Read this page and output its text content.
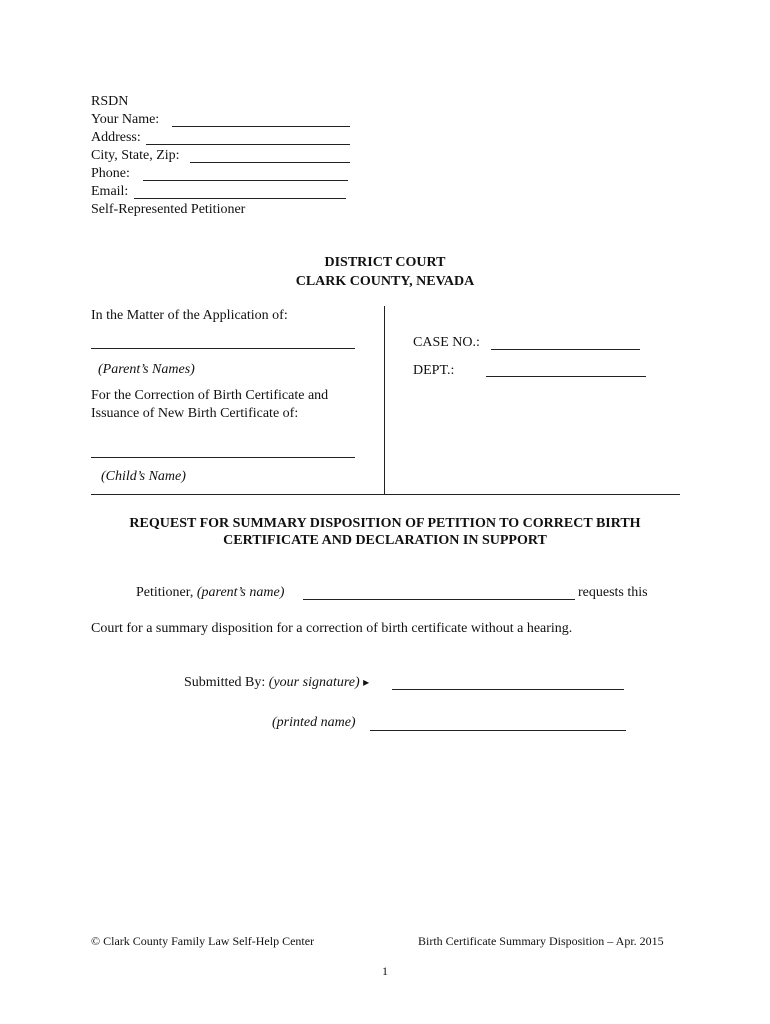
RSDN
Your Name:
Address:
City, State, Zip:
Phone:
Email:
Self-Represented Petitioner
DISTRICT COURT
CLARK COUNTY, NEVADA
In the Matter of the Application of:
(Parent’s Names)
For the Correction of Birth Certificate and
Issuance of New Birth Certificate of:
(Child’s Name)
CASE NO.:
DEPT.:
REQUEST FOR SUMMARY DISPOSITION OF PETITION TO CORRECT BIRTH
CERTIFICATE AND DECLARATION IN SUPPORT
Petitioner, (parent’s name)	requests this
Court for a summary disposition for a correction of birth certificate without a hearing.
Submitted By: (your signature) ▸
(printed name)
© Clark County Family Law Self-Help Center	Birth Certificate Summary Disposition – Apr. 2015
1
